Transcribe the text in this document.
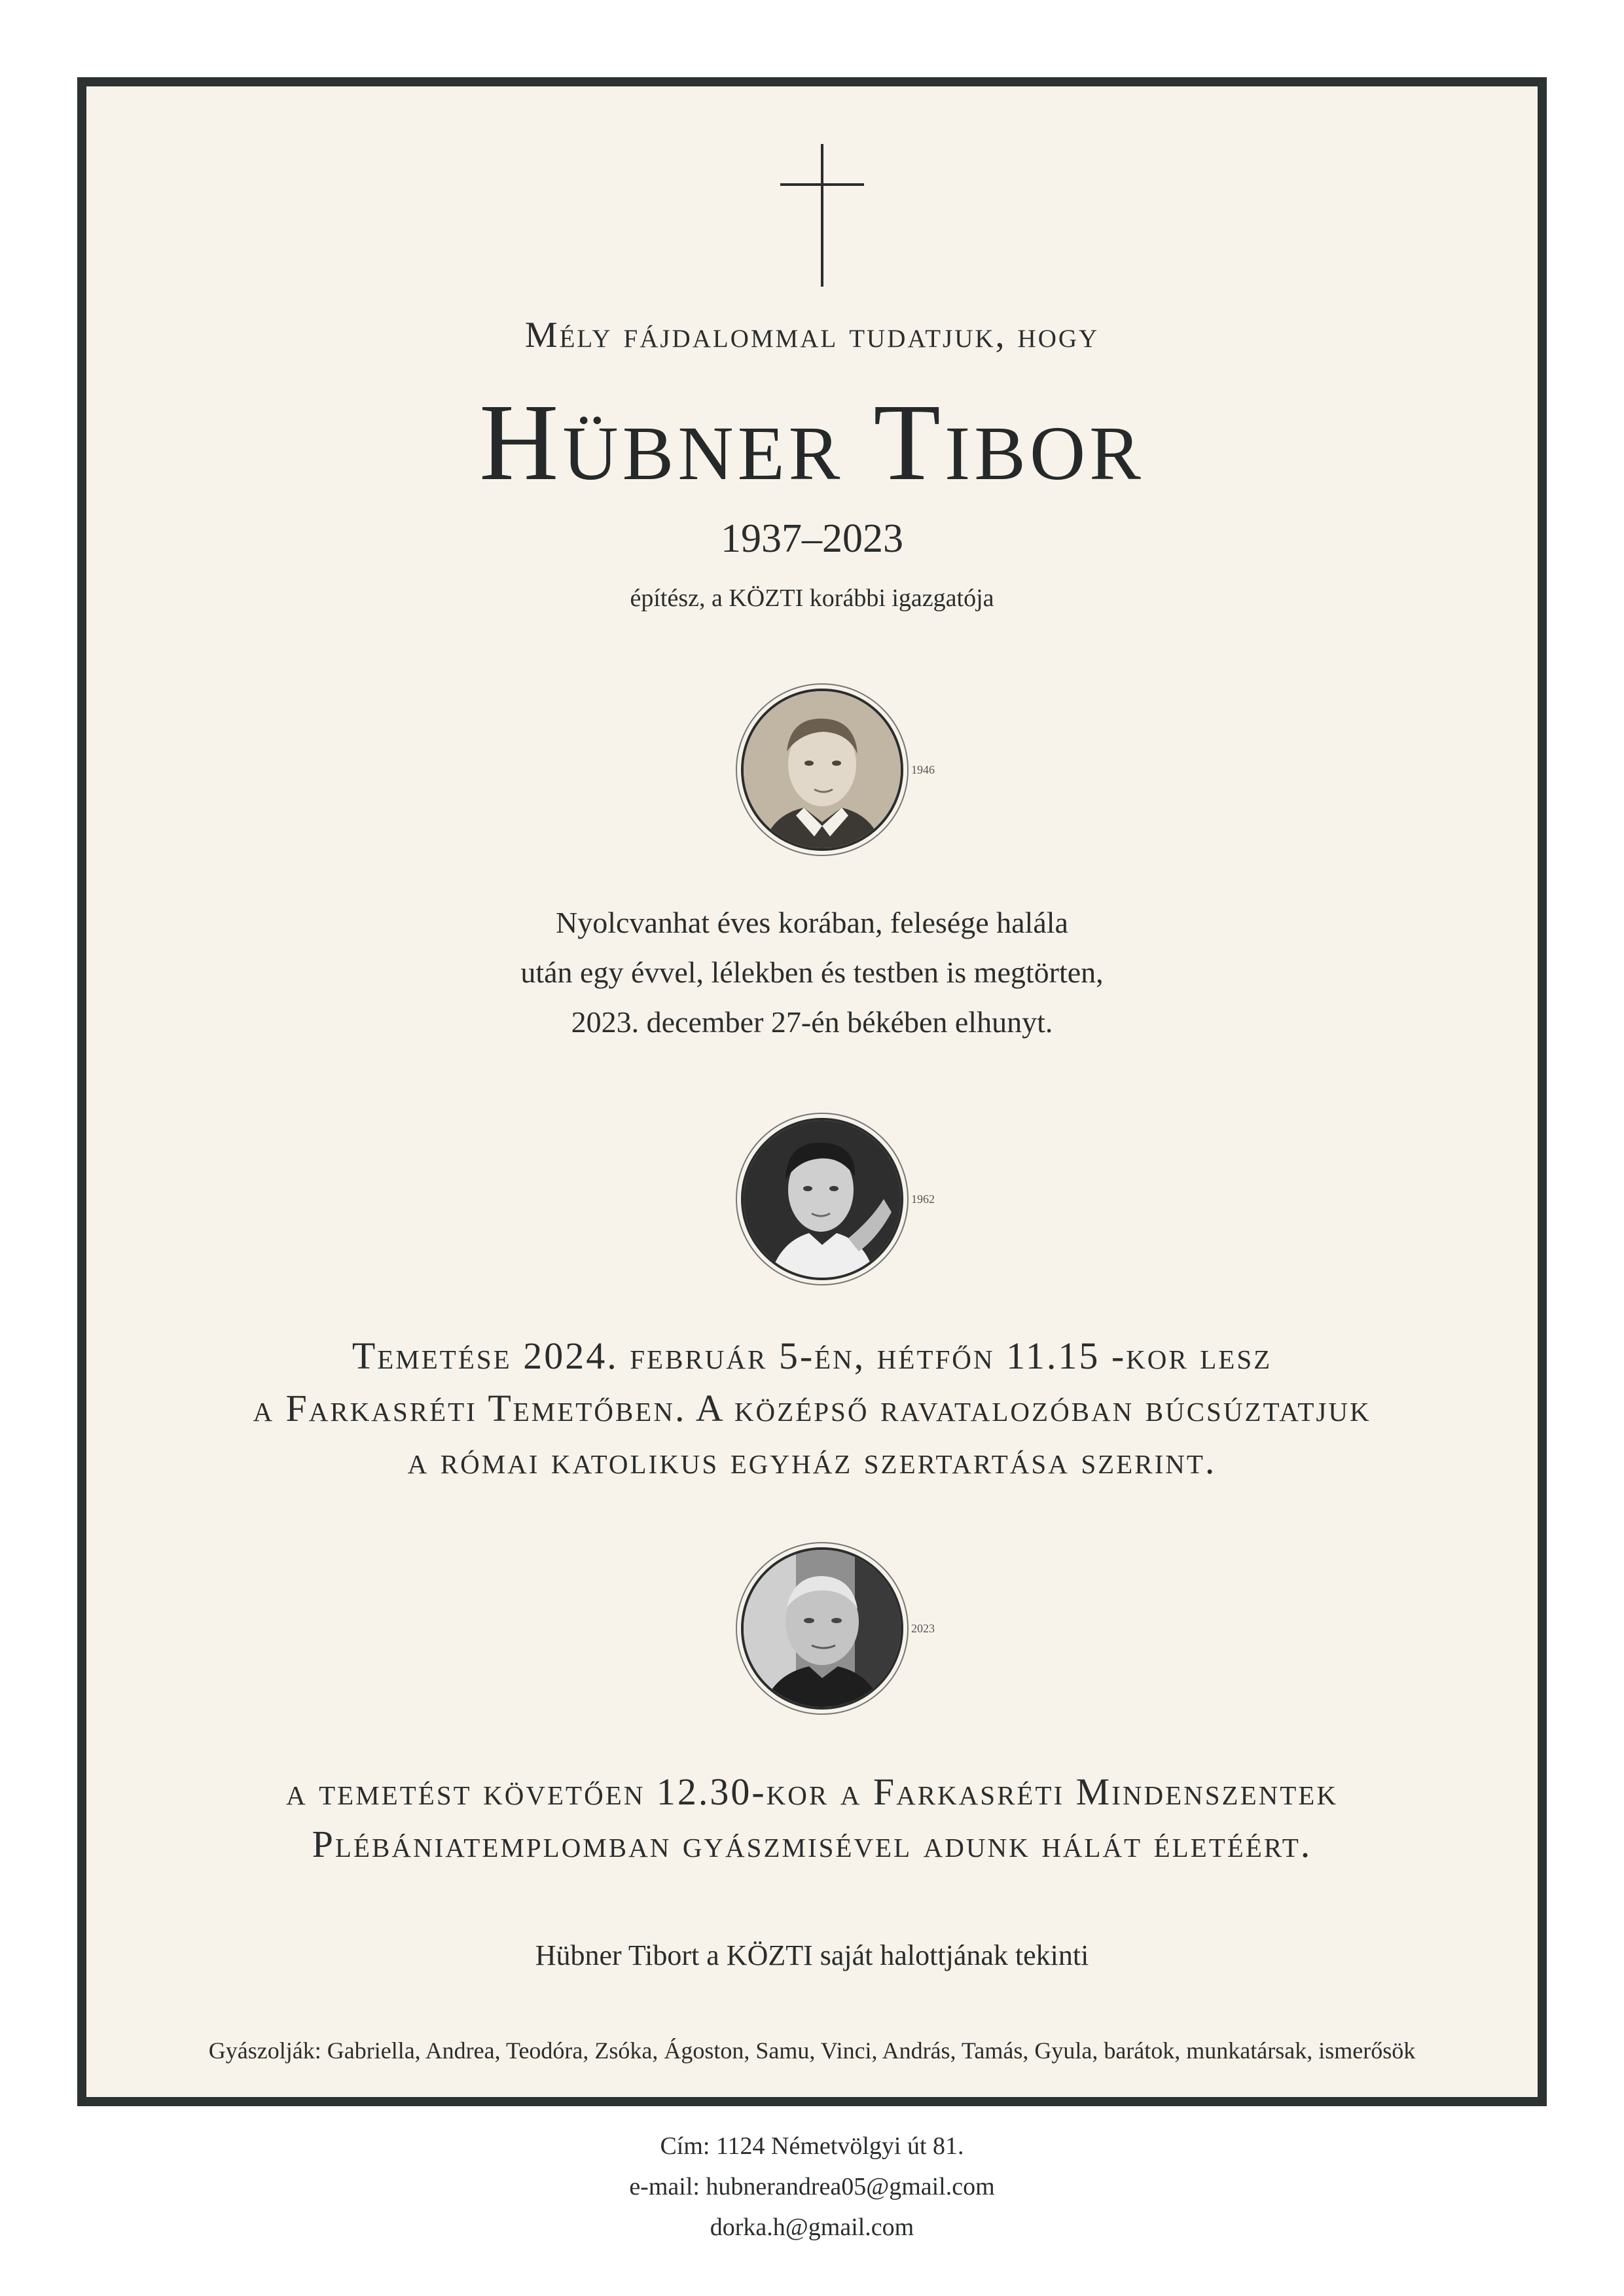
Mély fájdalommal tudatjuk, hogy
Hübner Tibor
1937–2023
építész, a KÖZTI korábbi igazgatója
1946
Nyolcvanhat éves korában, felesége halála
után egy évvel, lélekben és testben is megtörten,
2023. december 27-én békében elhunyt.
1962
Temetése 2024. február 5-én, hétfőn 11.15 -kor lesz
a Farkasréti Temetőben. A középső ravatalozóban búcsúztatjuk
a római katolikus egyház szertartása szerint.
2023
a temetést követően 12.30-kor a Farkasréti Mindenszentek
Plébániatemplomban gyászmisével adunk hálát életéért.
Hübner Tibort a KÖZTI saját halottjának tekinti
Gyászolják: Gabriella, Andrea, Teodóra, Zsóka, Ágoston, Samu, Vinci, András, Tamás, Gyula, barátok, munkatársak, ismerősök
Cím: 1124 Németvölgyi út 81.
e-mail: hubnerandrea05@gmail.com
dorka.h@gmail.com
